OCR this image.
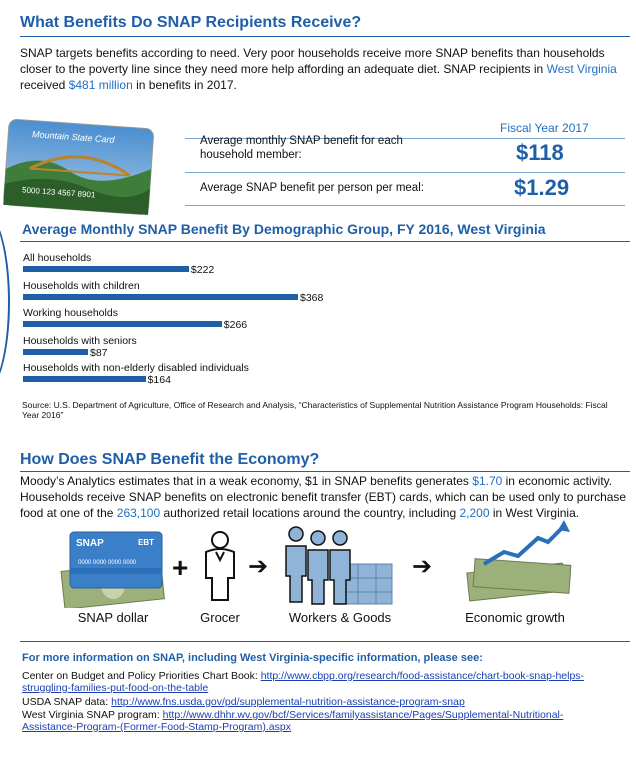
What Benefits Do SNAP Recipients Receive?
SNAP targets benefits according to need. Very poor households receive more SNAP benefits than households closer to the poverty line since they need more help affording an adequate diet. SNAP recipients in West Virginia received $481 million in benefits in 2017.
Mountain State Card
5000 123 4567 8901
Fiscal Year 2017
Average monthly SNAP benefit for each household member:	$118
Average SNAP benefit per person per meal:	$1.29
Average Monthly SNAP Benefit By Demographic Group, FY 2016, West Virginia
All households
$222
Households with children
$368
Working households
$266
Households with seniors
$87
Households with non-elderly disabled individuals
$164
Source: U.S. Department of Agriculture, Office of Research and Analysis, “Characteristics of Supplemental Nutrition Assistance Program Households: Fiscal Year 2016”
How Does SNAP Benefit the Economy?
Moody’s Analytics estimates that in a weak economy, $1 in SNAP benefits generates $1.70 in economic activity. Households receive SNAP benefits on electronic benefit transfer (EBT) cards, which can be used only to purchase food at one of the 263,100 authorized retail locations around the country, including 2,200 in West Virginia.
SNAP	EBT
0000 0000 0000 0000 + ➔	➔
SNAP dollar	Grocer	Workers & Goods	Economic growth
For more information on SNAP, including West Virginia-specific information, please see:
Center on Budget and Policy Priorities Chart Book: http://www.cbpp.org/research/food-assistance/chart-book-snap-helps-
struggling-families-put-food-on-the-table
USDA SNAP data: http://www.fns.usda.gov/pd/supplemental-nutrition-assistance-program-snap
West Virginia SNAP program: http://www.dhhr.wv.gov/bcf/Services/familyassistance/Pages/Supplemental-Nutritional-
Assistance-Program-(Former-Food-Stamp-Program).aspx
